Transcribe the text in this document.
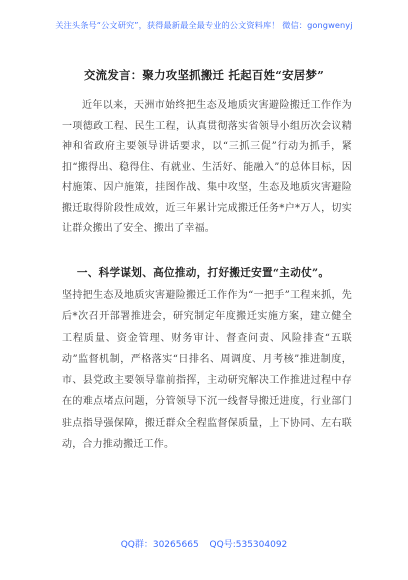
关注头条号“公文研究”，获得最新最全最专业的公文资料库！ 微信：gongwenyj
交流发言：聚力攻坚抓搬迁 托起百姓“安居梦”

近年以来，天洲市始终把生态及地质灾害避险搬迁工作作为一项德政工程、民生工程，认真贯彻落实省领导小组历次会议精神和省政府主要领导讲话要求，以“三抓三促”行动为抓手，紧扣“搬得出、稳得住、有就业、生活好、能融入”的总体目标，因村施策、因户施策，挂图作战、集中攻坚，生态及地质灾害避险搬迁取得阶段性成效，近三年累计完成搬迁任务*户*万人，切实让群众搬出了安全、搬出了幸福。

一、科学谋划、高位推动，打好搬迁安置“主动仗”。

坚持把生态及地质灾害避险搬迁工作作为“一把手”工程来抓，先后*次召开部署推进会，研究制定年度搬迁实施方案，建立健全工程质量、资金管理、财务审计、督查问责、风险排查“五联动”监督机制，严格落实“日排名、周调度、月考核”推进制度，市、县党政主要领导靠前指挥，主动研究解决工作推进过程中存在的难点堵点问题，分管领导下沉一线督导搬迁进度，行业部门驻点指导强保障，搬迁群众全程监督保质量，上下协同、左右联动，合力推动搬迁工作。

QQ群：30265665 QQ号:535304092
